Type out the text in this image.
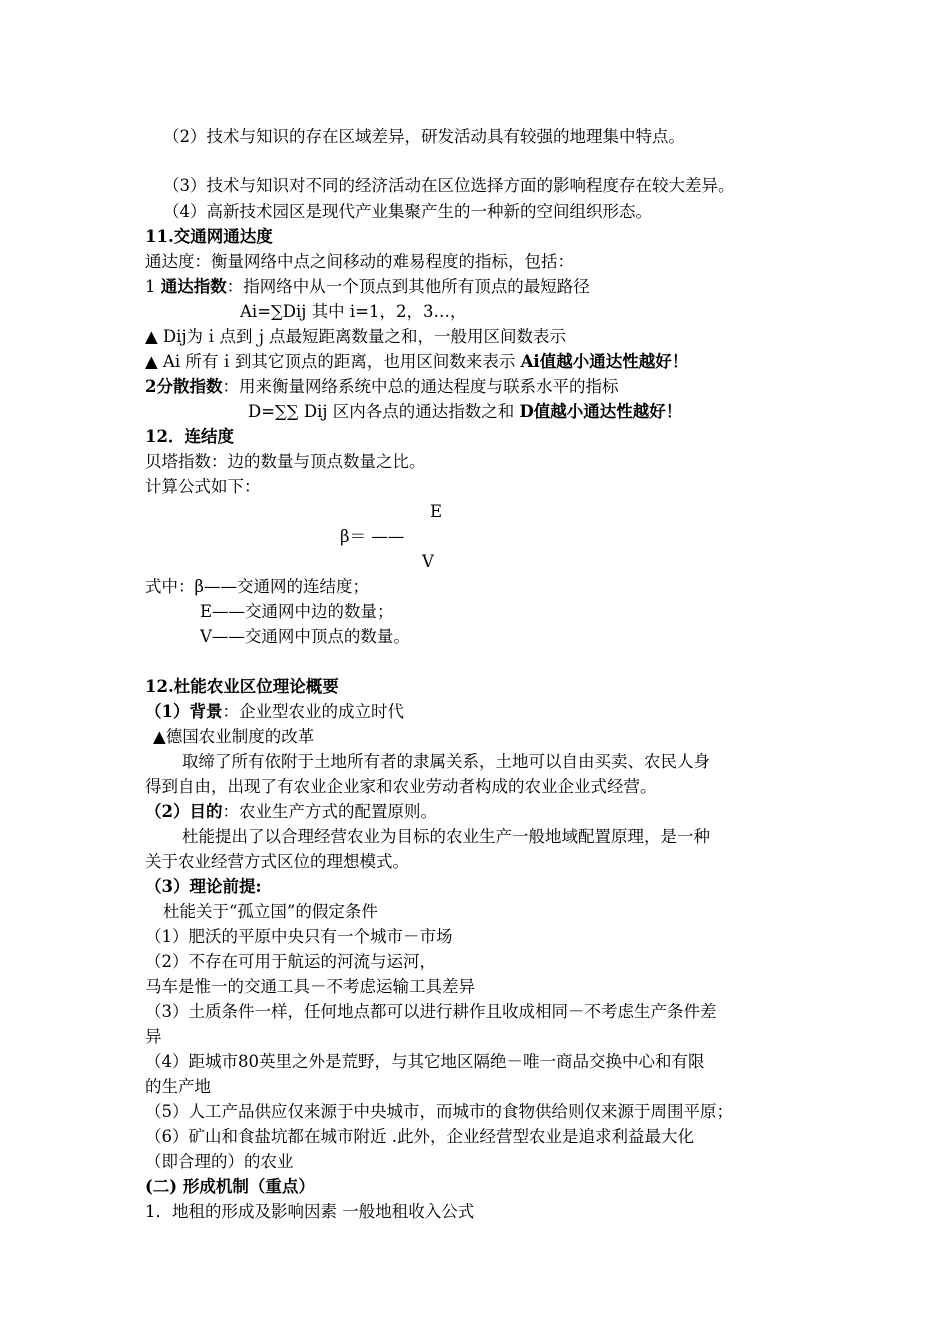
（2）技术与知识的存在区域差异，研发活动具有较强的地理集中特点。
（3）技术与知识对不同的经济活动在区位选择方面的影响程度存在较大差异。
（4）高新技术园区是现代产业集聚产生的一种新的空间组织形态。
11.交通网通达度
通达度：衡量网络中点之间移动的难易程度的指标，包括：
1 通达指数：指网络中从一个顶点到其他所有顶点的最短路径
Ai=∑Dij 其中 i=1，2，3…，
▲ Dij为ｉ点到ｊ点最短距离数量之和，一般用区间数表示
▲ Ai 所有ｉ到其它顶点的距离，也用区间数来表示 Ai值越小通达性越好！
2分散指数：用来衡量网络系统中总的通达程度与联系水平的指标
D=∑∑ Dij 区内各点的通达指数之和 D值越小通达性越好！
12．连结度
贝塔指数：边的数量与顶点数量之比。
计算公式如下：
E
β＝ ——
V
式中：β——交通网的连结度；
E——交通网中边的数量；
V——交通网中顶点的数量。
12.杜能农业区位理论概要
（1）背景：企业型农业的成立时代
▲德国农业制度的改革
取缔了所有依附于土地所有者的隶属关系，土地可以自由买卖、农民人身
得到自由，出现了有农业企业家和农业劳动者构成的农业企业式经营。
（2）目的：农业生产方式的配置原则。
杜能提出了以合理经营农业为目标的农业生产一般地域配置原理，是一种
关于农业经营方式区位的理想模式。
（3）理论前提:
杜能关于“孤立国”的假定条件
（1）肥沃的平原中央只有一个城市－市场
（2）不存在可用于航运的河流与运河，
马车是惟一的交通工具－不考虑运输工具差异
（3）土质条件一样，任何地点都可以进行耕作且收成相同－不考虑生产条件差
异
（4）距城市80英里之外是荒野，与其它地区隔绝－唯一商品交换中心和有限
的生产地
（5）人工产品供应仅来源于中央城市，而城市的食物供给则仅来源于周围平原；
（6）矿山和食盐坑都在城市附近 .此外，企业经营型农业是追求利益最大化
（即合理的）的农业
(二) 形成机制（重点）
1．地租的形成及影响因素 一般地租收入公式
